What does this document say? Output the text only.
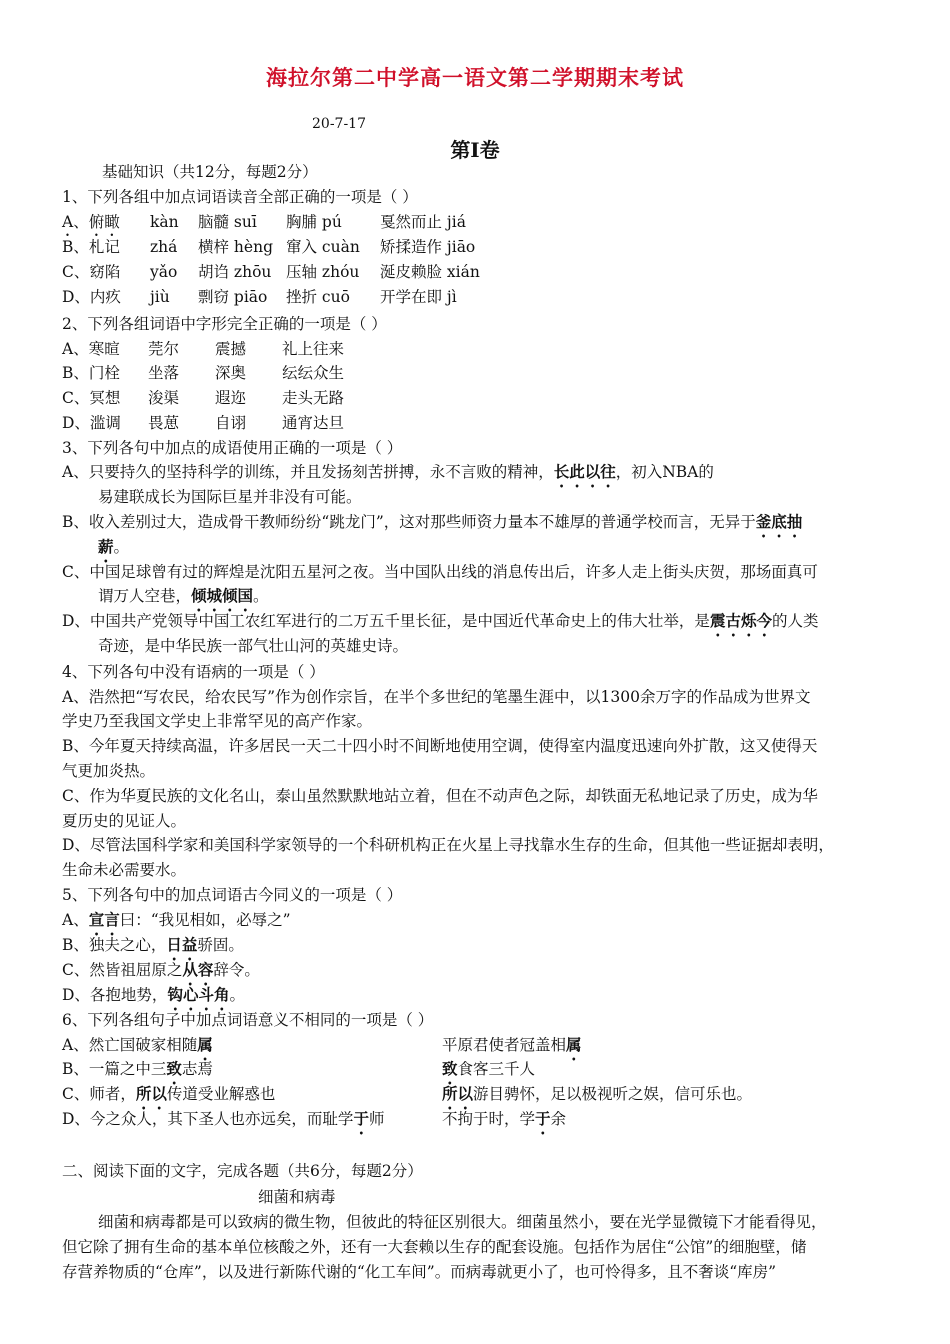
海拉尔第二中学高一语文第二学期期末考试
20-7-17
第Ⅰ卷
基础知识（共12分，每题2分）
1、下列各组中加点词语读音全部正确的一项是（ ）
A、俯瞰 kàn 脑髓 suī 胸脯 pú 戛然而止 jiá
B、札记 zhá 横梓 hèng 窜入 cuàn 矫揉造作 jiāo
C、窈陷 yǎo 胡诌 zhōu 压轴 zhóu 涎皮赖脸 xián
D、内疚 jiù 剽窃 piāo 挫折 cuō 开学在即 jì
2、下列各组词语中字形完全正确的一项是（ ）
A、寒暄 莞尔 震撼 礼上往来
B、门栓 坐落 深奥 纭纭众生
C、冥想 浚渠 遐迩 走头无路
D、滥调 畏葸 自诩 通宵达旦
3、下列各句中加点的成语使用正确的一项是（ ）
A、只要持久的坚持科学的训练，并且发扬刻苦拼搏，永不言败的精神，长此以往，初入NBA的
易建联成长为国际巨星并非没有可能。
B、收入差别过大，造成骨干教师纷纷“跳龙门”，这对那些师资力量本不雄厚的普通学校而言，无异于釜底抽
薪。
C、中国足球曾有过的辉煌是沈阳五星河之夜。当中国队出线的消息传出后，许多人走上街头庆贺，那场面真可
谓万人空巷，倾城倾国。
D、中国共产党领导中国工农红军进行的二万五千里长征，是中国近代革命史上的伟大壮举，是震古烁今的人类
奇迹，是中华民族一部气壮山河的英雄史诗。
4、下列各句中没有语病的一项是（ ）
A、浩然把“写农民，给农民写”作为创作宗旨，在半个多世纪的笔墨生涯中，以1300余万字的作品成为世界文
学史乃至我国文学史上非常罕见的高产作家。
B、今年夏天持续高温，许多居民一天二十四小时不间断地使用空调，使得室内温度迅速向外扩散，这又使得天
气更加炎热。
C、作为华夏民族的文化名山，泰山虽然默默地站立着，但在不动声色之际，却铁面无私地记录了历史，成为华
夏历史的见证人。
D、尽管法国科学家和美国科学家领导的一个科研机构正在火星上寻找靠水生存的生命，但其他一些证据却表明，
生命未必需要水。
5、下列各句中的加点词语古今同义的一项是（ ）
A、宣言曰：“我见相如，必辱之”
B、独夫之心，日益骄固。
C、然皆祖屈原之从容辞令。
D、各抱地势，钩心斗角。
6、下列各组句子中加点词语意义不相同的一项是（ ）
A、然亡国破家相随属	平原君使者冠盖相属
B、一篇之中三致志焉	致食客三千人
C、师者，所以传道受业解惑也	所以游目骋怀，足以极视听之娱，信可乐也。
D、今之众人，其下圣人也亦远矣，而耻学于师	不拘于时，学于余
二、阅读下面的文字，完成各题（共6分，每题2分）
细菌和病毒
细菌和病毒都是可以致病的微生物，但彼此的特征区别很大。细菌虽然小，要在光学显微镜下才能看得见，
但它除了拥有生命的基本单位核酸之外，还有一大套赖以生存的配套设施。包括作为居住“公馆”的细胞壁，储
存营养物质的“仓库”，以及进行新陈代谢的“化工车间”。而病毒就更小了，也可怜得多，且不奢谈“库房”
